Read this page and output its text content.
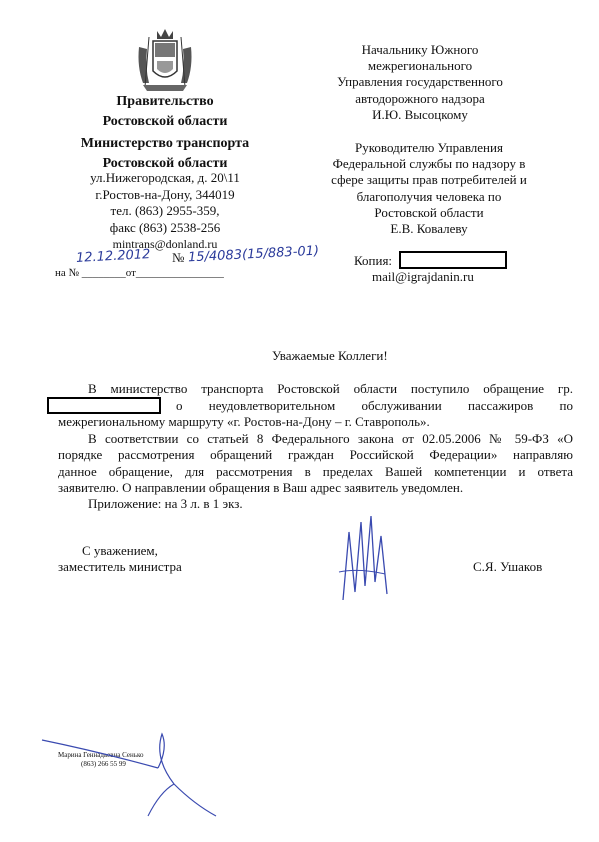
Правительство
Ростовской области
Министерство транспорта
Ростовской области
ул.Нижегородская, д. 20\11
г.Ростов-на-Дону, 344019
тел. (863) 2955-359,
факс (863) 2538-256
mintrans@donland.ru
12.12.2012 № 15/4083(15/883-01)
на № ________от________________
Начальнику Южного
межрегионального
Управления государственного
автодорожного надзора
И.Ю. Высоцкому
Руководителю Управления
Федеральной службы по надзору в
сфере защиты прав потребителей и
благополучия человека по
Ростовской области
Е.В. Ковалеву
Копия:
mail@igrajdanin.ru
Уважаемые Коллеги!
В министерство транспорта Ростовской области поступило обращение гр.
о неудовлетворительном обслуживании пассажиров по
межрегиональному маршруту «г. Ростов-на-Дону – г. Ставрополь».
В соответствии со статьей 8 Федерального закона от 02.05.2006 № 59-ФЗ «О
порядке рассмотрения обращений граждан Российской Федерации» направляю
данное обращение, для рассмотрения в пределах Вашей компетенции и ответа
заявителю. О направлении обращения в Ваш адрес заявитель уведомлен.
Приложение: на 3 л. в 1 экз.
С уважением,
заместитель министра	С.Я. Ушаков
Марина Геннадьевна Сенько
(863) 266 55 99
